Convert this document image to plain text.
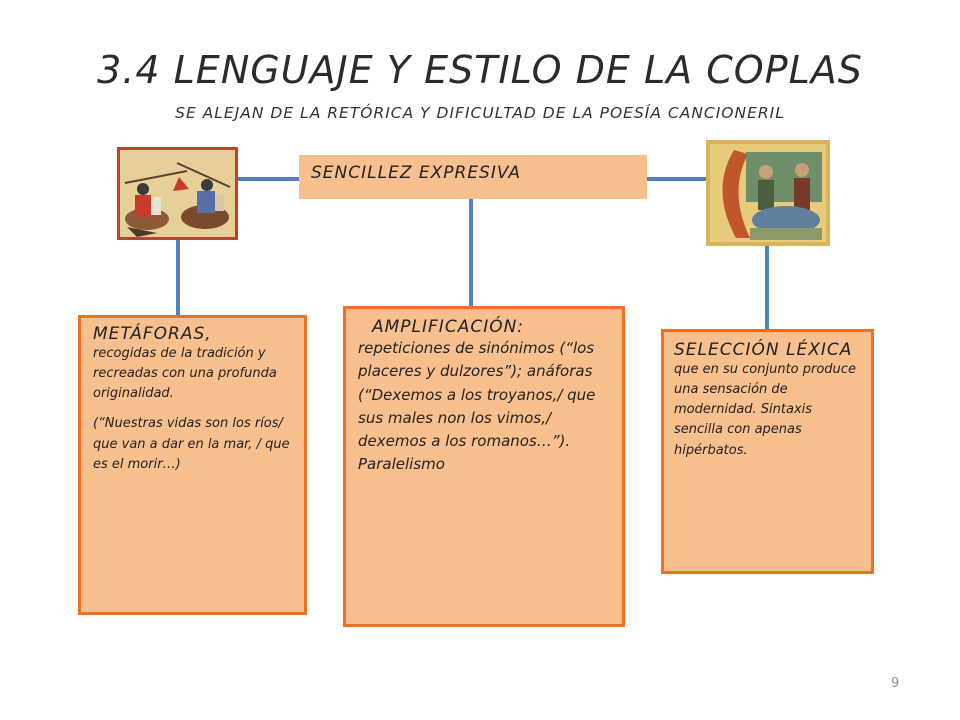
3.4 LENGUAJE Y ESTILO DE LA COPLAS
SE ALEJAN DE LA RETÓRICA Y DIFICULTAD DE LA POESÍA CANCIONERIL
SENCILLEZ EXPRESIVA
METÁFORAS,
recogidas de la tradición y recreadas con una profunda originalidad.
(“Nuestras vidas son los ríos/ que van a dar en la mar, / que es el morir…)
AMPLIFICACIÓN:
repeticiones de sinónimos (“los placeres y dulzores”); anáforas (“Dexemos a los troyanos,/ que sus males non los vimos,/ dexemos a los romanos…”). Paralelismo
SELECCIÓN LÉXICA
que en su conjunto produce una sensación de modernidad. Sintaxis sencilla con apenas hipérbatos.
9
